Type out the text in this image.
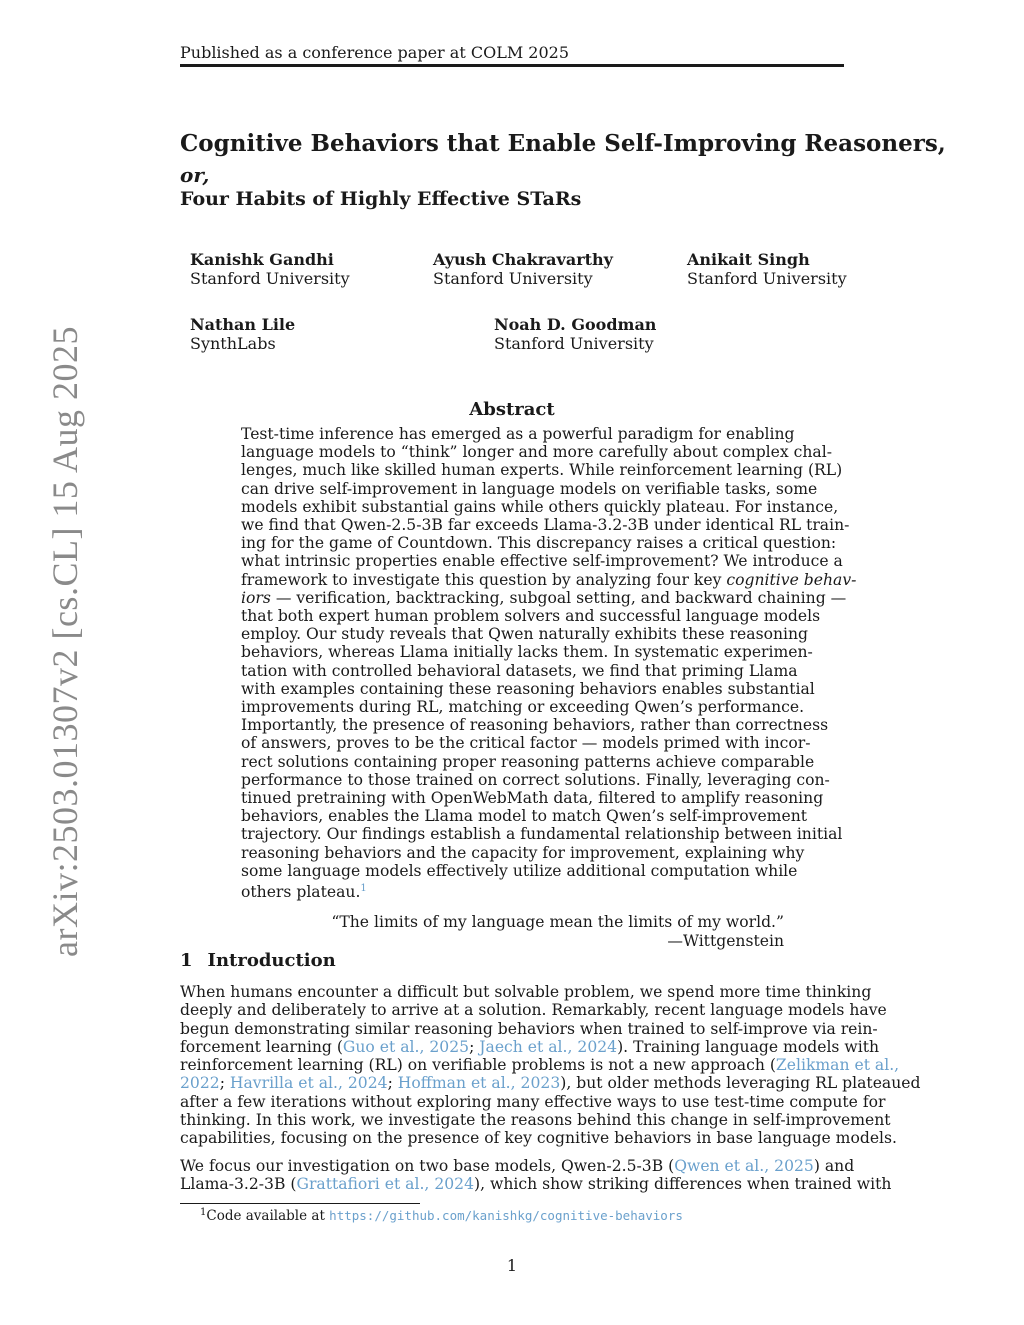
Published as a conference paper at COLM 2025
Cognitive Behaviors that Enable Self-Improving Reasoners,
or,
Four Habits of Highly Effective STaRs
Kanishk Gandhi
Stanford University
Ayush Chakravarthy
Stanford University
Anikait Singh
Stanford University
Nathan Lile
SynthLabs
Noah D. Goodman
Stanford University
Abstract
Test-time inference has emerged as a powerful paradigm for enabling
language models to “think” longer and more carefully about complex chal-
lenges, much like skilled human experts. While reinforcement learning (RL)
can drive self-improvement in language models on verifiable tasks, some
models exhibit substantial gains while others quickly plateau. For instance,
we find that Qwen-2.5-3B far exceeds Llama-3.2-3B under identical RL train-
ing for the game of Countdown. This discrepancy raises a critical question:
what intrinsic properties enable effective self-improvement? We introduce a
framework to investigate this question by analyzing four key cognitive behav-
iors — verification, backtracking, subgoal setting, and backward chaining —
that both expert human problem solvers and successful language models
employ. Our study reveals that Qwen naturally exhibits these reasoning
behaviors, whereas Llama initially lacks them. In systematic experimen-
tation with controlled behavioral datasets, we find that priming Llama
with examples containing these reasoning behaviors enables substantial
improvements during RL, matching or exceeding Qwen’s performance.
Importantly, the presence of reasoning behaviors, rather than correctness
of answers, proves to be the critical factor — models primed with incor-
rect solutions containing proper reasoning patterns achieve comparable
performance to those trained on correct solutions. Finally, leveraging con-
tinued pretraining with OpenWebMath data, filtered to amplify reasoning
behaviors, enables the Llama model to match Qwen’s self-improvement
trajectory. Our findings establish a fundamental relationship between initial
reasoning behaviors and the capacity for improvement, explaining why
some language models effectively utilize additional computation while
others plateau.$^1$
“The limits of my language mean the limits of my world.”
—Wittgenstein
1 Introduction
When humans encounter a difficult but solvable problem, we spend more time thinking
deeply and deliberately to arrive at a solution. Remarkably, recent language models have
begun demonstrating similar reasoning behaviors when trained to self-improve via rein-
forcement learning (Guo et al., 2025; Jaech et al., 2024). Training language models with
reinforcement learning (RL) on verifiable problems is not a new approach (Zelikman et al.,
2022; Havrilla et al., 2024; Hoffman et al., 2023), but older methods leveraging RL plateaued
after a few iterations without exploring many effective ways to use test-time compute for
thinking. In this work, we investigate the reasons behind this change in self-improvement
capabilities, focusing on the presence of key cognitive behaviors in base language models.
We focus our investigation on two base models, Qwen-2.5-3B (Qwen et al., 2025) and
Llama-3.2-3B (Grattafiori et al., 2024), which show striking differences when trained with
$^1$Code available at https://github.com/kanishkg/cognitive-behaviors
1
arXiv:2503.01307v2 [cs.CL] 15 Aug 2025
